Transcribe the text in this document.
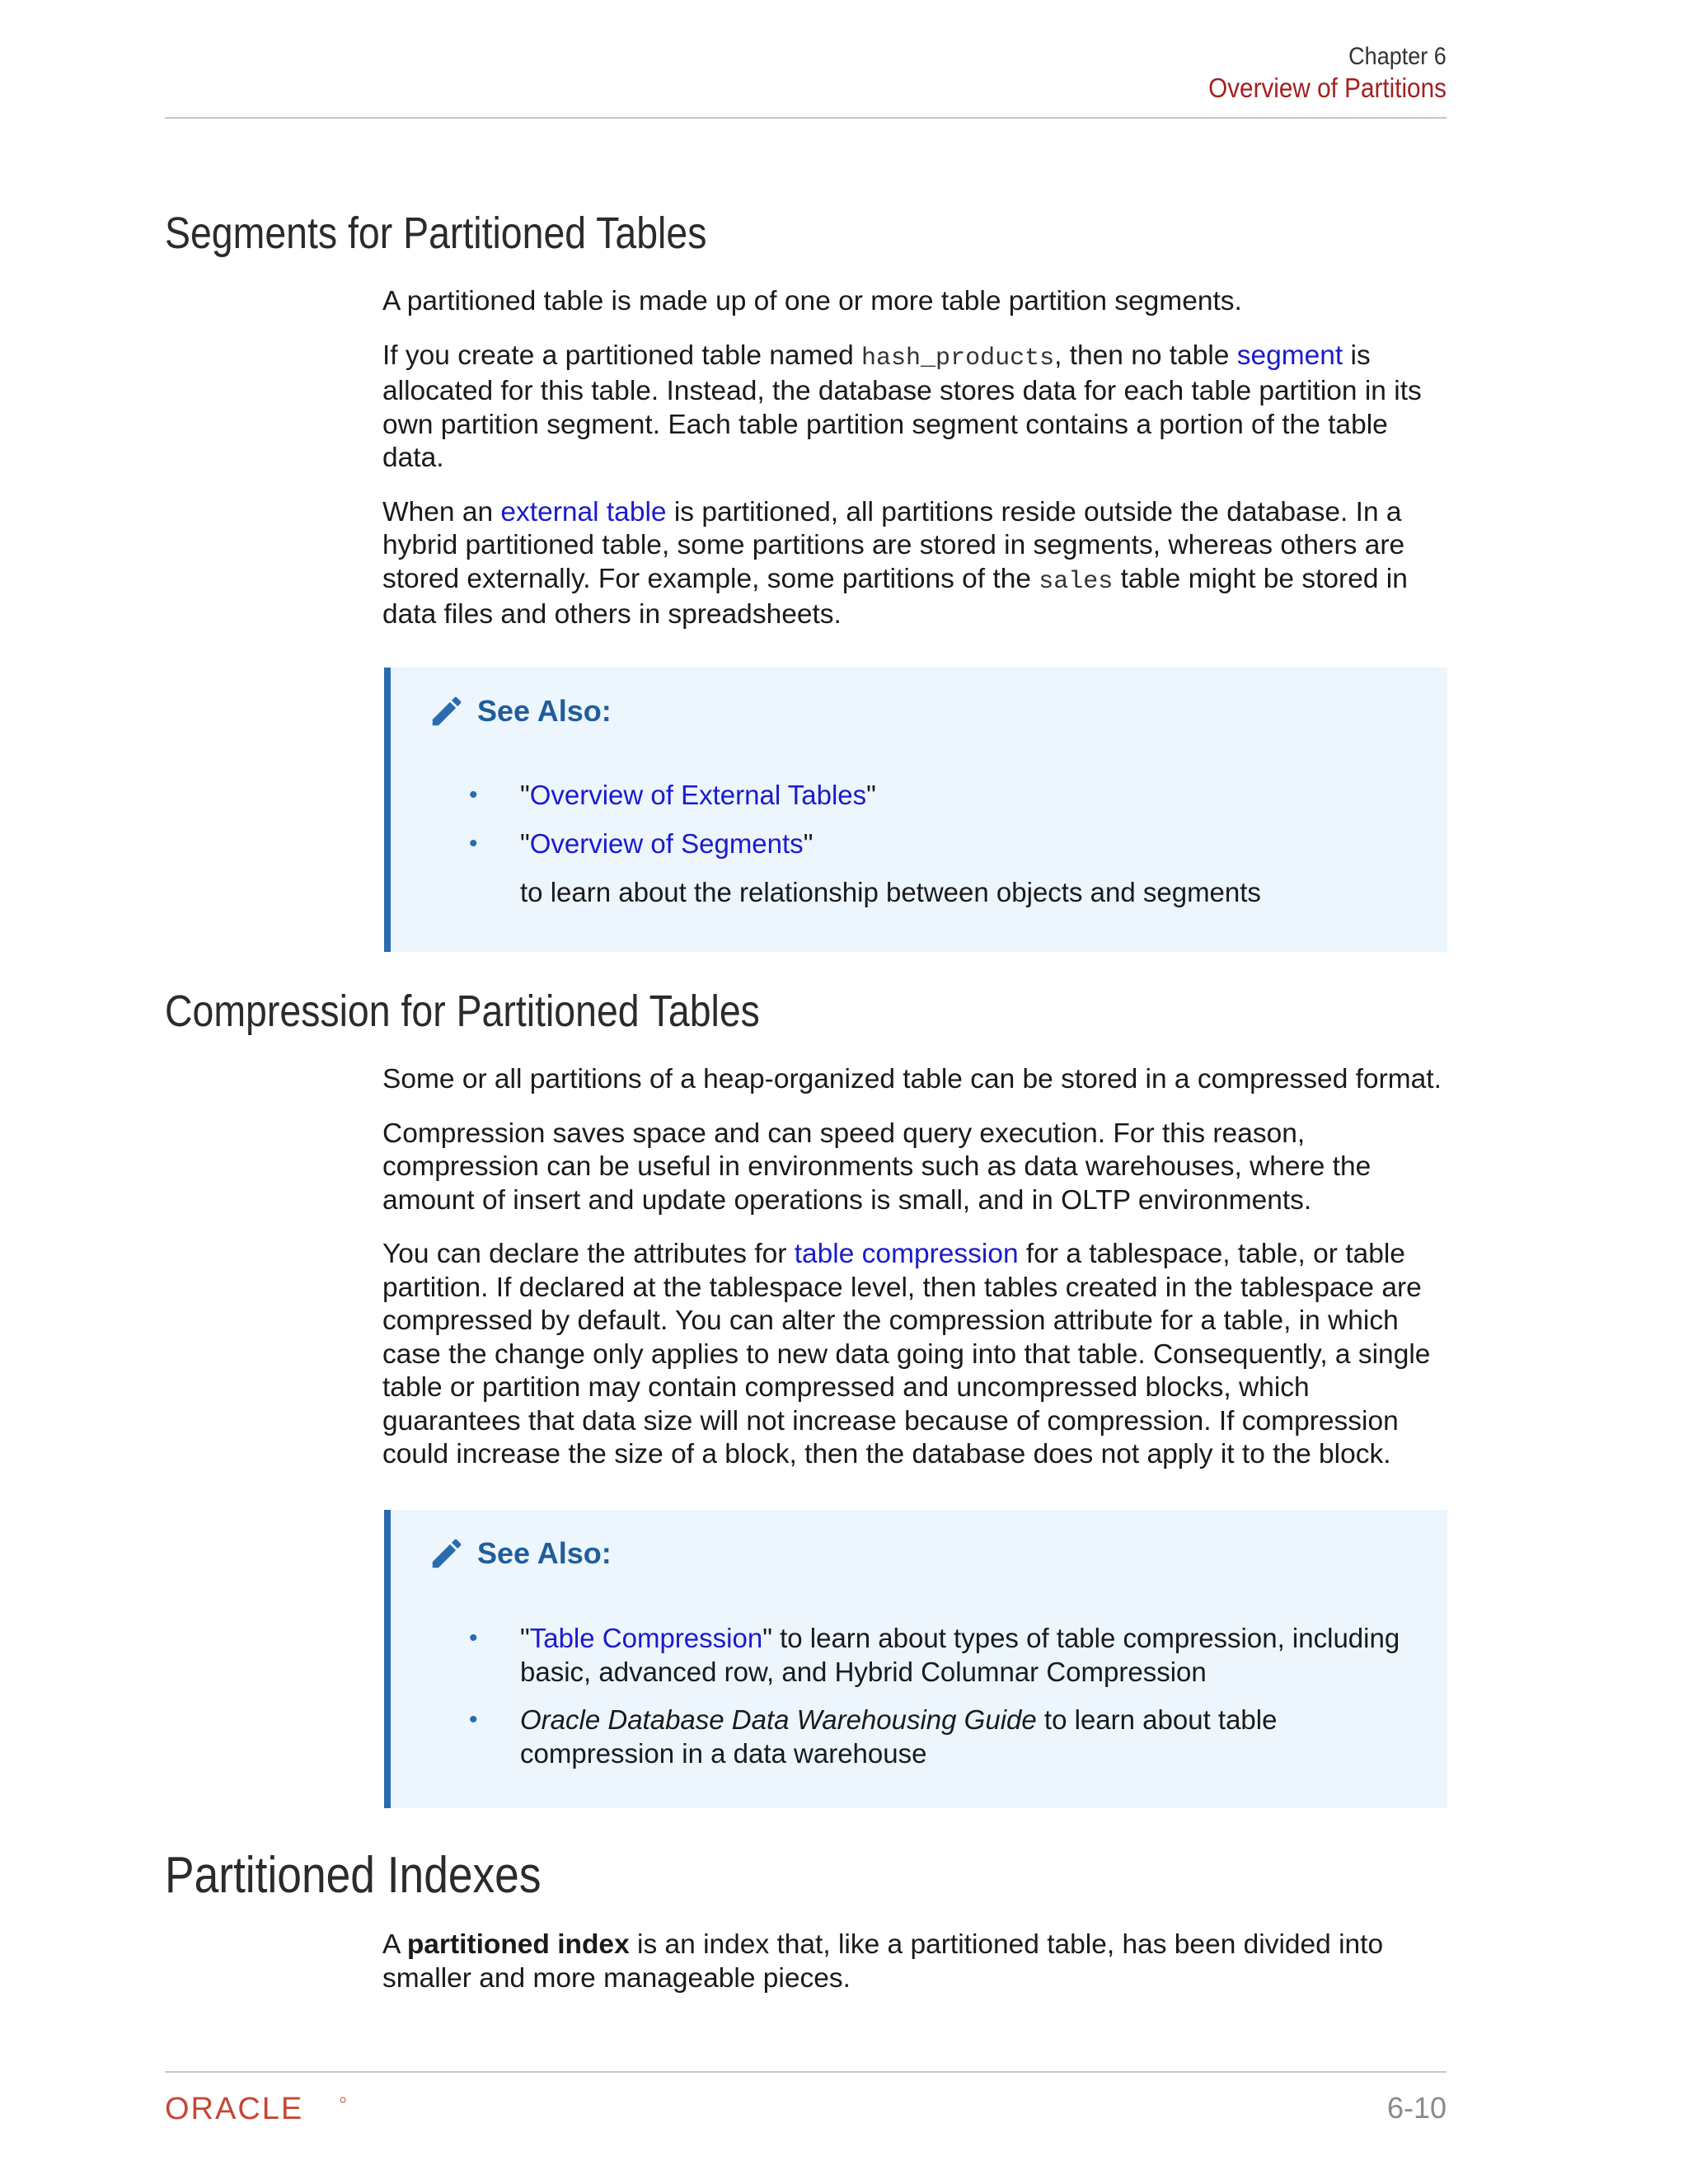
Chapter 6
Overview of Partitions
Segments for Partitioned Tables

A partitioned table is made up of one or more table partition segments.

If you create a partitioned table named hash_products, then no table segment is allocated for this table. Instead, the database stores data for each table partition in its own partition segment. Each table partition segment contains a portion of the table data.

When an external table is partitioned, all partitions reside outside the database. In a hybrid partitioned table, some partitions are stored in segments, whereas others are stored externally. For example, some partitions of the sales table might be stored in data files and others in spreadsheets.

See Also:
• "Overview of External Tables"
• "Overview of Segments"
to learn about the relationship between objects and segments
Compression for Partitioned Tables

Some or all partitions of a heap-organized table can be stored in a compressed format.

Compression saves space and can speed query execution. For this reason, compression can be useful in environments such as data warehouses, where the amount of insert and update operations is small, and in OLTP environments.

You can declare the attributes for table compression for a tablespace, table, or table partition. If declared at the tablespace level, then tables created in the tablespace are compressed by default. You can alter the compression attribute for a table, in which case the change only applies to new data going into that table. Consequently, a single table or partition may contain compressed and uncompressed blocks, which guarantees that data size will not increase because of compression. If compression could increase the size of a block, then the database does not apply it to the block.

See Also:
• "Table Compression" to learn about types of table compression, including basic, advanced row, and Hybrid Columnar Compression
• Oracle Database Data Warehousing Guide to learn about table compression in a data warehouse
Partitioned Indexes

A partitioned index is an index that, like a partitioned table, has been divided into smaller and more manageable pieces.

ORACLE	6-10
